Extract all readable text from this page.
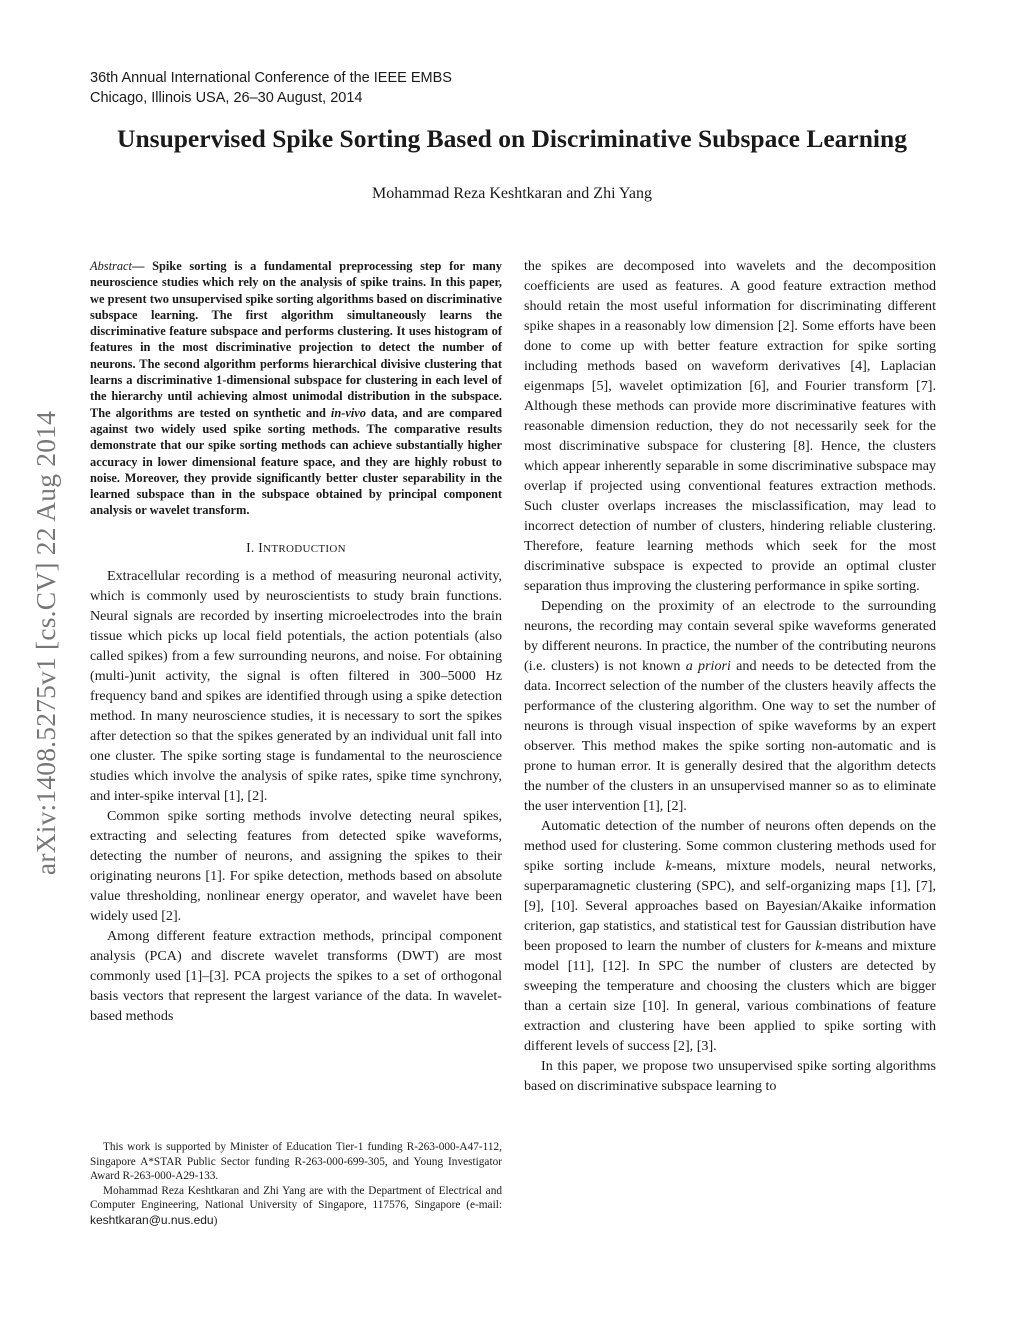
36th Annual International Conference of the IEEE EMBS
Chicago, Illinois USA, 26–30 August, 2014
Unsupervised Spike Sorting Based on Discriminative Subspace Learning
Mohammad Reza Keshtkaran and Zhi Yang
arXiv:1408.5275v1 [cs.CV] 22 Aug 2014

Abstract— Spike sorting is a fundamental preprocessing step for many neuroscience studies which rely on the analysis of spike trains. In this paper, we present two unsupervised spike sorting algorithms based on discriminative subspace learning. The first algorithm simultaneously learns the discriminative feature subspace and performs clustering. It uses histogram of features in the most discriminative projection to detect the number of neurons. The second algorithm performs hierarchical divisive clustering that learns a discriminative 1-dimensional subspace for clustering in each level of the hierarchy until achieving almost unimodal distribution in the subspace. The algorithms are tested on synthetic and in-vivo data, and are compared against two widely used spike sorting methods. The comparative results demonstrate that our spike sorting methods can achieve substantially higher accuracy in lower dimensional feature space, and they are highly robust to noise. Moreover, they provide significantly better cluster separability in the learned subspace than in the subspace obtained by principal component analysis or wavelet transform.

I. INTRODUCTION

Extracellular recording is a method of measuring neuronal activity, which is commonly used by neuroscientists to study brain functions. Neural signals are recorded by inserting microelectrodes into the brain tissue which picks up local field potentials, the action potentials (also called spikes) from a few surrounding neurons, and noise. For obtaining (multi-)unit activity, the signal is often filtered in 300–5000 Hz frequency band and spikes are identified through using a spike detection method. In many neuroscience studies, it is necessary to sort the spikes after detection so that the spikes generated by an individual unit fall into one cluster. The spike sorting stage is fundamental to the neuroscience studies which involve the analysis of spike rates, spike time synchrony, and inter-spike interval [1], [2].

Common spike sorting methods involve detecting neural spikes, extracting and selecting features from detected spike waveforms, detecting the number of neurons, and assigning the spikes to their originating neurons [1]. For spike detection, methods based on absolute value thresholding, nonlinear energy operator, and wavelet have been widely used [2].

Among different feature extraction methods, principal component analysis (PCA) and discrete wavelet transforms (DWT) are most commonly used [1]–[3]. PCA projects the spikes to a set of orthogonal basis vectors that represent the largest variance of the data. In wavelet-based methods

This work is supported by Minister of Education Tier-1 funding R-263-000-A47-112, Singapore A*STAR Public Sector funding R-263-000-699-305, and Young Investigator Award R-263-000-A29-133.

Mohammad Reza Keshtkaran and Zhi Yang are with the Department of Electrical and Computer Engineering, National University of Singapore, 117576, Singapore (e-mail: keshtkaran@u.nus.edu)

the spikes are decomposed into wavelets and the decomposition coefficients are used as features. A good feature extraction method should retain the most useful information for discriminating different spike shapes in a reasonably low dimension [2]. Some efforts have been done to come up with better feature extraction for spike sorting including methods based on waveform derivatives [4], Laplacian eigenmaps [5], wavelet optimization [6], and Fourier transform [7]. Although these methods can provide more discriminative features with reasonable dimension reduction, they do not necessarily seek for the most discriminative subspace for clustering [8]. Hence, the clusters which appear inherently separable in some discriminative subspace may overlap if projected using conventional features extraction methods. Such cluster overlaps increases the misclassification, may lead to incorrect detection of number of clusters, hindering reliable clustering. Therefore, feature learning methods which seek for the most discriminative subspace is expected to provide an optimal cluster separation thus improving the clustering performance in spike sorting.

Depending on the proximity of an electrode to the surrounding neurons, the recording may contain several spike waveforms generated by different neurons. In practice, the number of the contributing neurons (i.e. clusters) is not known a priori and needs to be detected from the data. Incorrect selection of the number of the clusters heavily affects the performance of the clustering algorithm. One way to set the number of neurons is through visual inspection of spike waveforms by an expert observer. This method makes the spike sorting non-automatic and is prone to human error. It is generally desired that the algorithm detects the number of the clusters in an unsupervised manner so as to eliminate the user intervention [1], [2].

Automatic detection of the number of neurons often depends on the method used for clustering. Some common clustering methods used for spike sorting include k-means, mixture models, neural networks, superparamagnetic clustering (SPC), and self-organizing maps [1], [7], [9], [10]. Several approaches based on Bayesian/Akaike information criterion, gap statistics, and statistical test for Gaussian distribution have been proposed to learn the number of clusters for k-means and mixture model [11], [12]. In SPC the number of clusters are detected by sweeping the temperature and choosing the clusters which are bigger than a certain size [10]. In general, various combinations of feature extraction and clustering have been applied to spike sorting with different levels of success [2], [3].

In this paper, we propose two unsupervised spike sorting algorithms based on discriminative subspace learning to
